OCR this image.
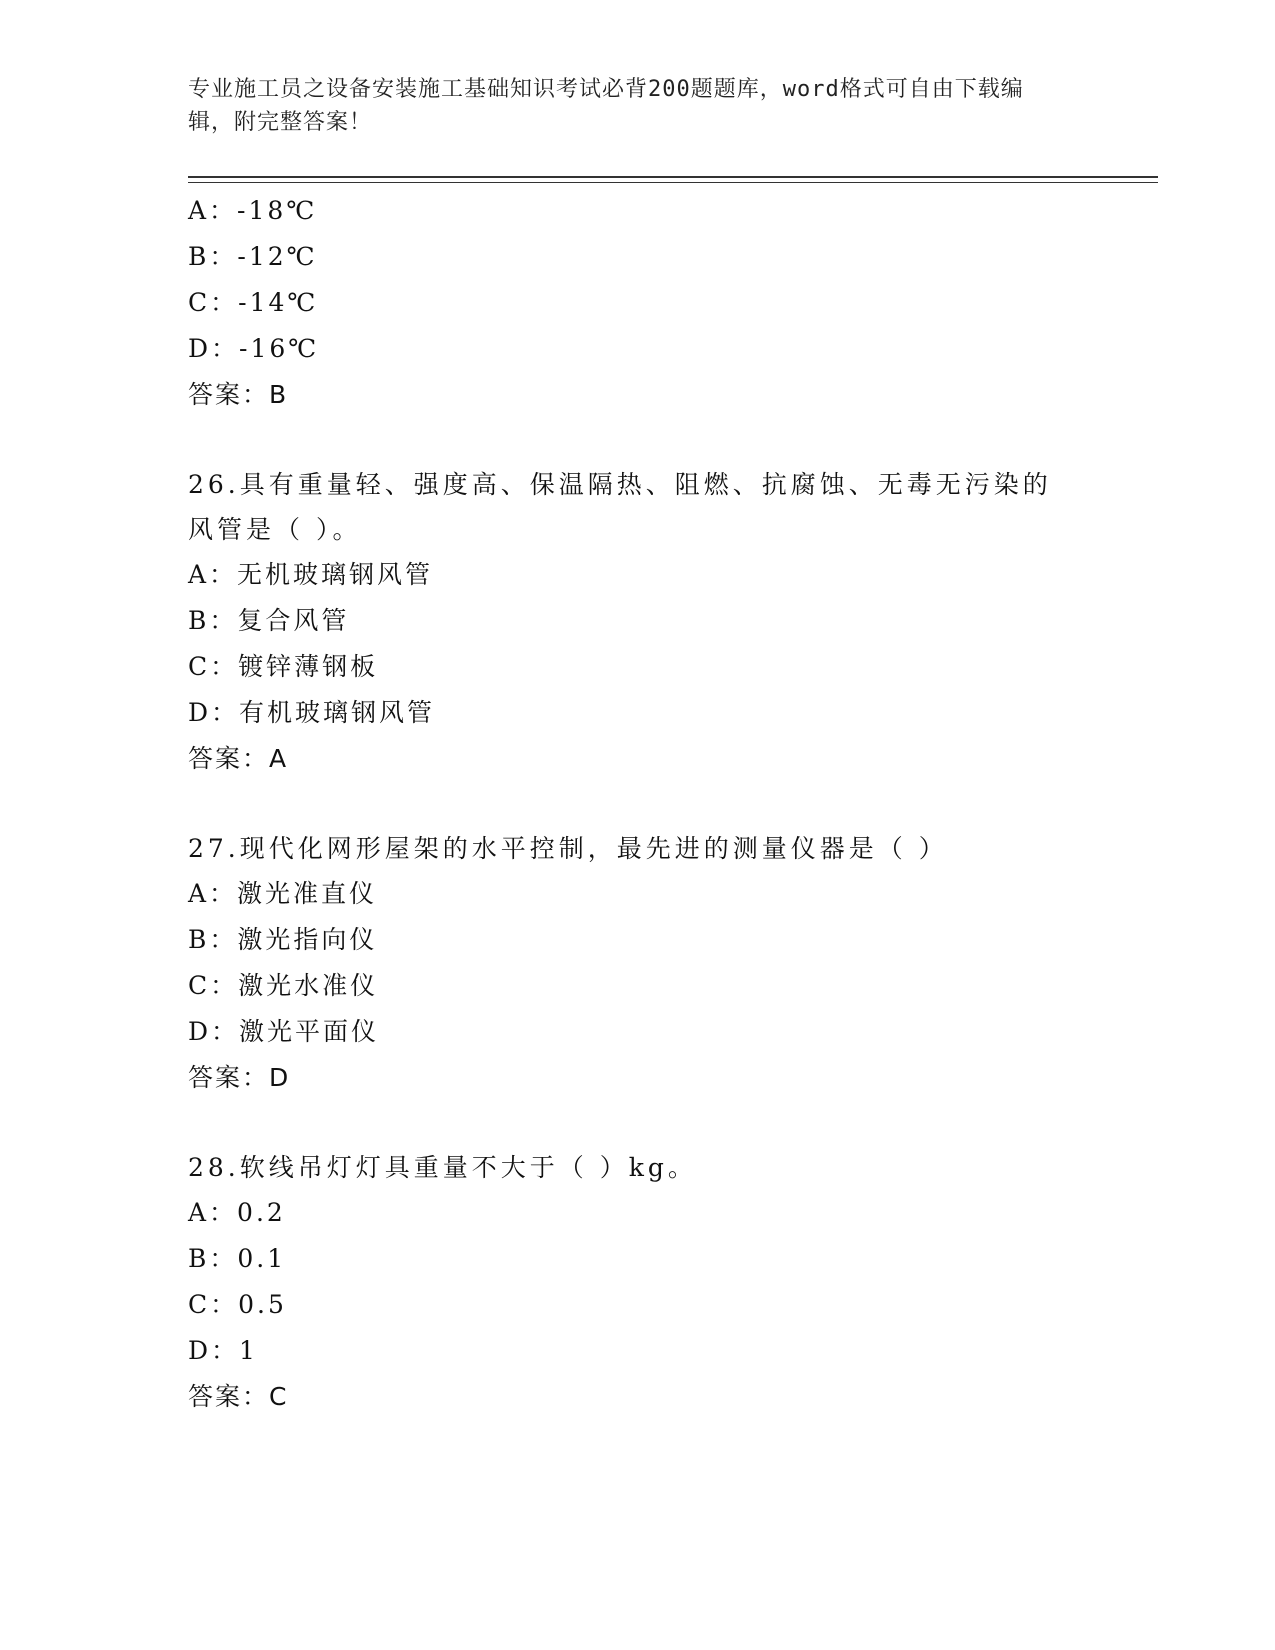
专业施工员之设备安装施工基础知识考试必背200题题库，word格式可自由下载编辑，附完整答案！
A：-18℃
B：-12℃
C：-14℃
D：-16℃
答案：B
26.具有重量轻、强度高、保温隔热、阻燃、抗腐蚀、无毒无污染的风管是（ ）。
A：无机玻璃钢风管
B：复合风管
C：镀锌薄钢板
D：有机玻璃钢风管
答案：A
27.现代化网形屋架的水平控制，最先进的测量仪器是（ ）
A：激光准直仪
B：激光指向仪
C：激光水准仪
D：激光平面仪
答案：D
28.软线吊灯灯具重量不大于（ ）kg。
A：0.2
B：0.1
C：0.5
D：1
答案：C
